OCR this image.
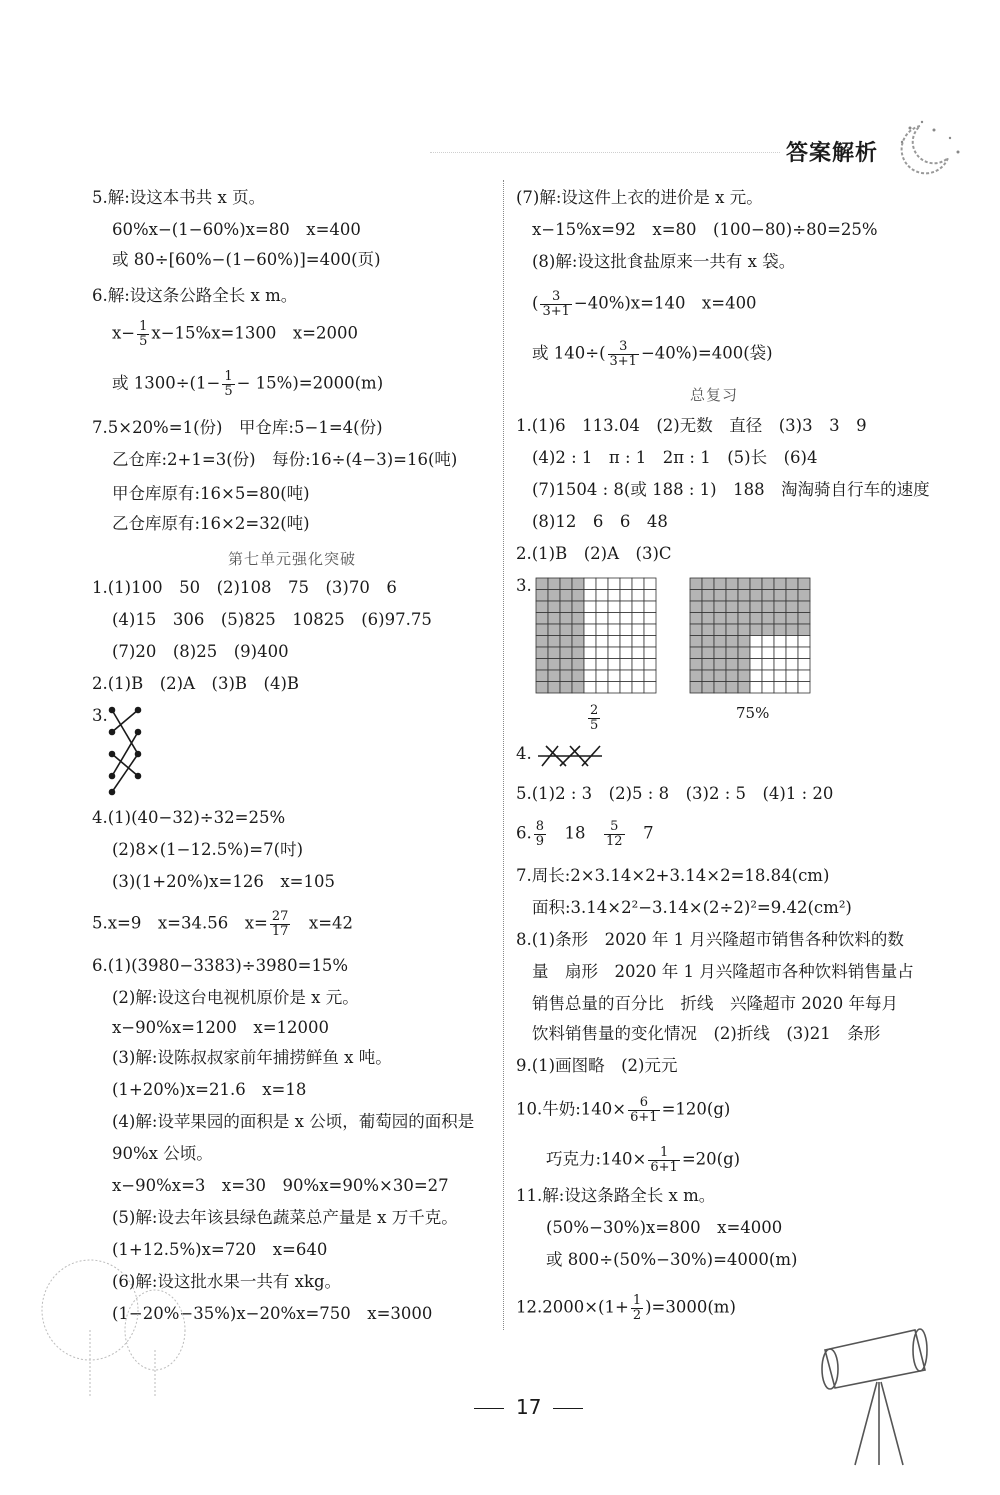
答案解析
5.解:设这本书共 x 页。
60%x−(1−60%)x=80　x=400
或 80÷[60%−(1−60%)]=400(页)
6.解:设这条公路全长 x m。
$x- \frac{1}{5} x-15\%x=1300$　x=2000
或 $1300\div(1- \frac{1}{5} - 15\%)=2000(m)$
7.5×20%=1(份)　甲仓库:5−1=4(份)
乙仓库:2+1=3(份)　每份:16÷(4−3)=16(吨)
甲仓库原有:16×5=80(吨)
乙仓库原有:16×2=32(吨)
第七单元强化突破
1.(1)100　50　(2)108　75　(3)70　6
(4)15　306　(5)825　10825　(6)97.75
(7)20　(8)25　(9)400
2.(1)B　(2)A　(3)B　(4)B
3.
4.(1)(40−32)÷32=25%
(2)8×(1−12.5%)=7(吋)
(3)(1+20%)x=126　x=105
5.x=9　x=34.56　$x= \frac{27}{17}$ 　x=42
6.(1)(3980−3383)÷3980=15%
(2)解:设这台电视机原价是 x 元。
x−90%x=1200　x=12000
(3)解:设陈叔叔家前年捕捞鲜鱼 x 吨。
(1+20%)x=21.6　x=18
(4)解:设苹果园的面积是 x 公顷，葡萄园的面积是
90%x 公顷。
x−90%x=3　x=30　90%x=90%×30=27
(5)解:设去年该县绿色蔬菜总产量是 x 万千克。
(1+12.5%)x=720　x=640
(6)解:设这批水果一共有 xkg。
(1−20%−35%)x−20%x=750　x=3000
(7)解:设这件上衣的进价是 x 元。
x−15%x=92　x=80　(100−80)÷80=25%
(8)解:设这批食盐原来一共有 x 袋。
( $\frac{3}{3+1} -40\%)x=140$　x=400
或 $140\div( \frac{3}{3+1} -40\%)=400$(袋)
总复习
1.(1)6　113.04　(2)无数　直径　(3)3　3　9
(4)2 : 1　π : 1　2π : 1　(5)长　(6)4
(7)1504 : 8(或 188 : 1)　188　淘淘骑自行车的速度
(8)12　6　6　48
2.(1)B　(2)A　(3)C
3.
$\frac{2}{5}$	75%
4.
5.(1)2 : 3　(2)5 : 8　(3)2 : 5　(4)1 : 20
6. $\frac{8}{9}$ 　18　 $\frac{5}{12}$ 　7
7.周长:2×3.14×2+3.14×2=18.84(cm)
面积:3.14×2²−3.14×(2÷2)²=9.42(cm²)
8.(1)条形　2020 年 1 月兴隆超市销售各种饮料的数
量　扇形　2020 年 1 月兴隆超市各种饮料销售量占
销售总量的百分比　折线　兴隆超市 2020 年每月
饮料销售量的变化情况　(2)折线　(3)21　条形
9.(1)画图略　(2)元元
10.牛奶:140× $\frac{6}{6+1} =120(g)$
巧克力:140× $\frac{1}{6+1} =20(g)$
11.解:设这条路全长 x m。
(50%−30%)x=800　x=4000
或 800÷(50%−30%)=4000(m)
$12.2000\times(1+ \frac{1}{2} )=3000(m)$
17
